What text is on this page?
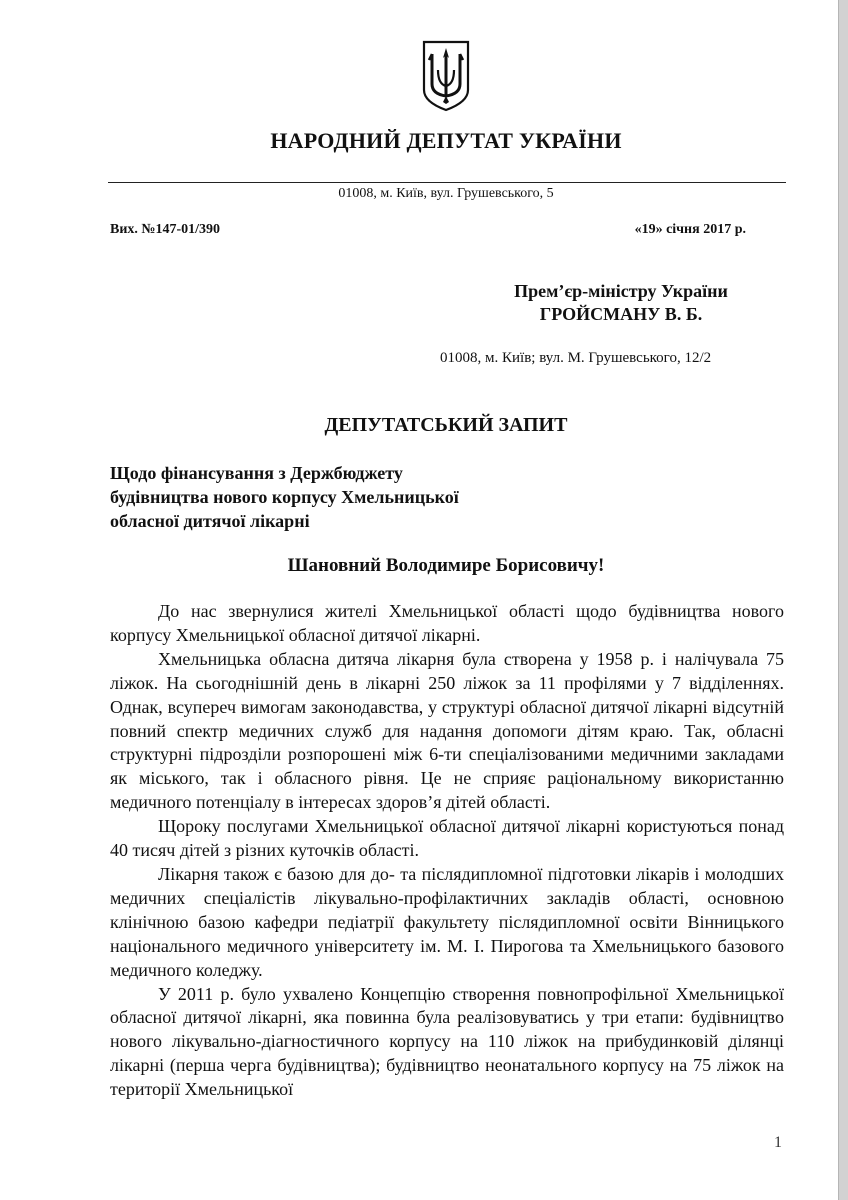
НАРОДНИЙ ДЕПУТАТ УКРАЇНИ
01008, м. Київ, вул. Грушевського, 5
Вих. №147-01/390	«19» січня 2017 р.
Прем’єр-міністру України
ГРОЙСМАНУ В. Б.
01008, м. Київ; вул. М. Грушевського, 12/2
ДЕПУТАТСЬКИЙ ЗАПИТ
Щодо фінансування з Держбюджету
будівництва нового корпусу Хмельницької
обласної дитячої лікарні
Шановний Володимире Борисовичу!

До нас звернулися жителі Хмельницької області щодо будівництва нового корпусу Хмельницької обласної дитячої лікарні.

Хмельницька обласна дитяча лікарня була створена у 1958 р. і налічувала 75 ліжок. На сьогоднішній день в лікарні 250 ліжок за 11 профілями у 7 відділеннях. Однак, всупереч вимогам законодавства, у структурі обласної дитячої лікарні відсутній повний спектр медичних служб для надання допомоги дітям краю. Так, обласні структурні підрозділи розпорошені між 6-ти спеціалізованими медичними закладами як міського, так і обласного рівня. Це не сприяє раціональному використанню медичного потенціалу в інтересах здоров’я дітей області.

Щороку послугами Хмельницької обласної дитячої лікарні користуються понад 40 тисяч дітей з різних куточків області.

Лікарня також є базою для до- та післядипломної підготовки лікарів і молодших медичних спеціалістів лікувально-профілактичних закладів області, основною клінічною базою кафедри педіатрії факультету післядипломної освіти Вінницького національного медичного університету ім. М. І. Пирогова та Хмельницького базового медичного коледжу.

У 2011 р. було ухвалено Концепцію створення повнопрофільної Хмельницької обласної дитячої лікарні, яка повинна була реалізовуватись у три етапи: будівництво нового лікувально-діагностичного корпусу на 110 ліжок на прибудинковій ділянці лікарні (перша черга будівництва); будівництво неонатального корпусу на 75 ліжок на території Хмельницької

1
